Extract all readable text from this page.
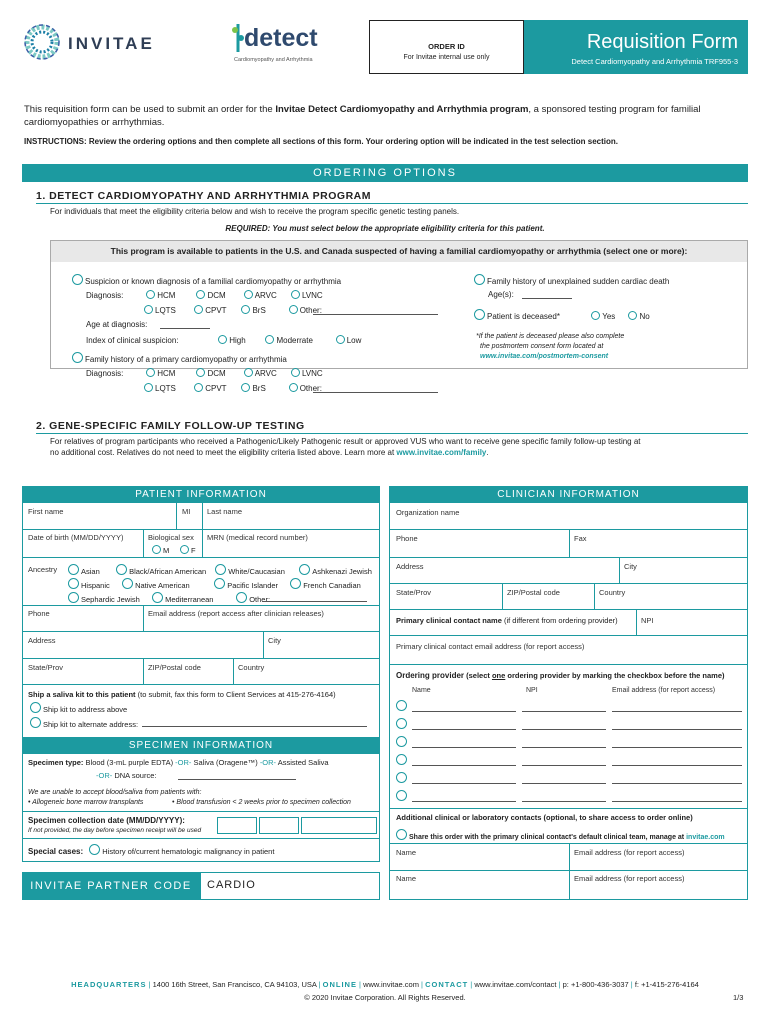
INVITAE	detect
Cardiomyopathy and Arrhythmia
ORDER ID
For Invitae internal use only
Requisition Form
Detect Cardiomyopathy and Arrhythmia TRF955-3
This requisition form can be used to submit an order for the Invitae Detect Cardiomyopathy and Arrhythmia program, a sponsored testing program for familial cardiomyopathies or arrhythmias.
INSTRUCTIONS: Review the ordering options and then complete all sections of this form. Your ordering option will be indicated in the test selection section.
ORDERING OPTIONS
1. DETECT CARDIOMYOPATHY AND ARRHYTHMIA PROGRAM
For individuals that meet the eligibility criteria below and wish to receive the program specific genetic testing panels.
REQUIRED: You must select below the appropriate eligibility criteria for this patient.
This program is available to patients in the U.S. and Canada suspected of having a familial cardiomyopathy or arrhythmia (select one or more):
Suspicion or known diagnosis of a familial cardiomyopathy or arrhythmia
Diagnosis:	HCM	DCM	ARVC	LVNC
LQTS	CPVT	BrS	Other:
Age at diagnosis:
Index of clinical suspicion:	High	Moderrate	Low
Family history of a primary cardiomyopathy or arrhythmia
Diagnosis:	HCM	DCM	ARVC	LVNC
LQTS	CPVT	BrS	Other:
Family history of unexplained sudden cardiac death
Age(s):
Patient is deceased*	Yes	No
*If the patient is deceased please also complete
the postmortem consent form located at
www.invitae.com/postmortem-consent
2. GENE-SPECIFIC FAMILY FOLLOW-UP TESTING
For relatives of program participants who received a Pathogenic/Likely Pathogenic result or approved VUS who want to receive gene specific family follow-up testing at
no additional cost. Relatives do not need to meet the eligibility criteria listed above. Learn more at www.invitae.com/family.
PATIENT INFORMATION
First name	MI Last name
Date of birth (MM/DD/YYYY)	Biological sex
M	F
MRN (medical record number)
Ancestry	Asian	Black/African American	White/Caucasian	Ashkenazi Jewish
Hispanic	Native American	Pacific Islander	French Canadian
Sephardic Jewish	Mediterranean	Other:
Phone	Email address (report access after clinician releases)
Address	City
State/Prov	ZIP/Postal code	Country
Ship a saliva kit to this patient (to submit, fax this form to Client Services at 415-276-4164)
Ship kit to address above
Ship kit to alternate address:
SPECIMEN INFORMATION
Specimen type: Blood (3-mL purple EDTA) -OR- Saliva (Oragene™) -OR- Assisted Saliva
-OR- DNA source:
We are unable to accept blood/saliva from patients with:
• Allogeneic bone marrow transplants	• Blood transfusion < 2 weeks prior to specimen collection
Specimen collection date (MM/DD/YYYY):
If not provided, the day before specimen receipt will be used
Special cases:	History of/current hematologic malignancy in patient
INVITAE PARTNER CODE	CARDIO
CLINICIAN INFORMATION
Organization name
Phone	Fax
Address	City
State/Prov	ZIP/Postal code	Country
Primary clinical contact name (if different from ordering provider)	NPI
Primary clinical contact email address (for report access)
Ordering provider (select one ordering provider by marking the checkbox before the name)
Name	NPI	Email address (for report access)
Additional clinical or laboratory contacts (optional, to share access to order online)
Share this order with the primary clinical contact's default clinical team, manage at invitae.com
Name	Email address (for report access)
Name	Email address (for report access)
HEADQUARTERS | 1400 16th Street, San Francisco, CA 94103, USA | ONLINE | www.invitae.com | CONTACT | www.invitae.com/contact | p: +1-800-436-3037 | f: +1-415-276-4164
© 2020 Invitae Corporation. All Rights Reserved.	1/3
